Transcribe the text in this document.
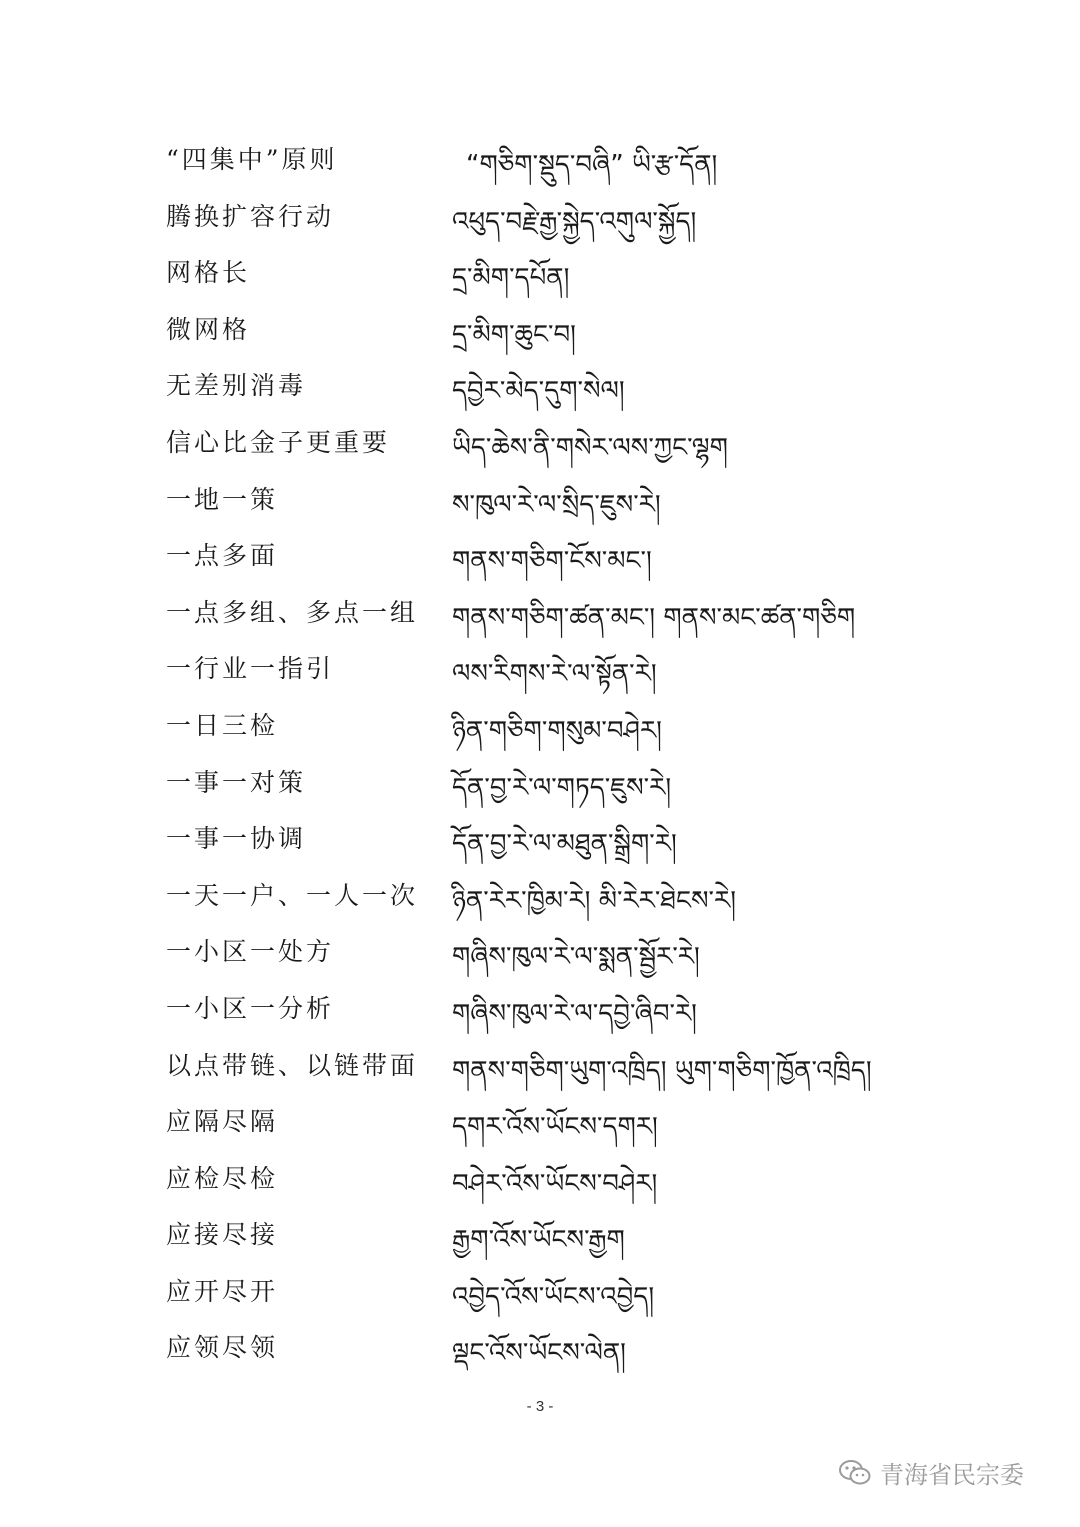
“四集中”原则	“གཅིག་སྡུད་བཞི” ཡི་རྩ་དོན།
腾换扩容行动	འཕུད་བརྗེ་རྒྱ་སྐྱེད་འགུལ་སྐྱོད།
网格长	དྲ་མིག་དཔོན།
微网格	དྲ་མིག་ཆུང་བ།
无差别消毒	དབྱེར་མེད་དུག་སེལ།
信心比金子更重要 ཡིད་ཆེས་ནི་གསེར་ལས་ཀྱང་ལྷག
一地一策	ས་ཁུལ་རེ་ལ་སྲིད་ཇུས་རེ།
一点多面	གནས་གཅིག་ངོས་མང་།
一点多组、多点一组 གནས་གཅིག་ཚན་མང་། གནས་མང་ཚན་གཅིག
一行业一指引	ལས་རིགས་རེ་ལ་སྟོན་རེ།
一日三检	ཉིན་གཅིག་གསུམ་བཤེར།
一事一对策	དོན་བྱ་རེ་ལ་གཏད་ཇུས་རེ།
一事一协调	དོན་བྱ་རེ་ལ་མཐུན་སྒྲིག་རེ།
一天一户、一人一次 ཉིན་རེར་ཁྱིམ་རེ། མི་རེར་ཐེངས་རེ།
一小区一处方	གཞིས་ཁུལ་རེ་ལ་སྨན་སྦྱོར་རེ།
一小区一分析	གཞིས་ཁུལ་རེ་ལ་དབྱེ་ཞིབ་རེ།
以点带链、以链带面 གནས་གཅིག་ཡུག་འཁྲིད། ཡུག་གཅིག་ཁྱོན་འཁྲིད།
应隔尽隔	དགར་འོས་ཡོངས་དགར།
应检尽检	བཤེར་འོས་ཡོངས་བཤེར།
应接尽接	རྒྱག་འོས་ཡོངས་རྒྱག
应开尽开	འབྱེད་འོས་ཡོངས་འབྱེད།
应领尽领	ལྡང་འོས་ཡོངས་ལེན།
- 3 -
青海省民宗委
